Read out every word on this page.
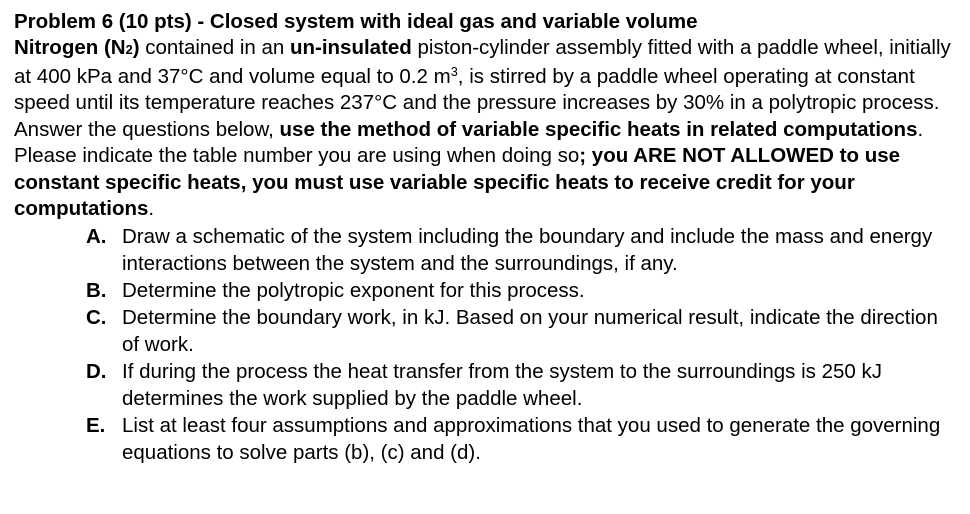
Problem 6 (10 pts) - Closed system with ideal gas and variable volume

Nitrogen (N2) contained in an un-insulated piston-cylinder assembly fitted with a paddle wheel, initially at 400 kPa and 37°C and volume equal to 0.2 $m^3$, is stirred by a paddle wheel operating at constant speed until its temperature reaches 237°C and the pressure increases by 30% in a polytropic process. Answer the questions below, use the method of variable specific heats in related computations. Please indicate the table number you are using when doing so; you ARE NOT ALLOWED to use constant specific heats, you must use variable specific heats to receive credit for your computations.

A. Draw a schematic of the system including the boundary and include the mass and energy interactions between the system and the surroundings, if any.
B. Determine the polytropic exponent for this process.
C. Determine the boundary work, in kJ. Based on your numerical result, indicate the direction of work.
D. If during the process the heat transfer from the system to the surroundings is 250 kJ determines the work supplied by the paddle wheel.
E. List at least four assumptions and approximations that you used to generate the governing equations to solve parts (b), (c) and (d).
